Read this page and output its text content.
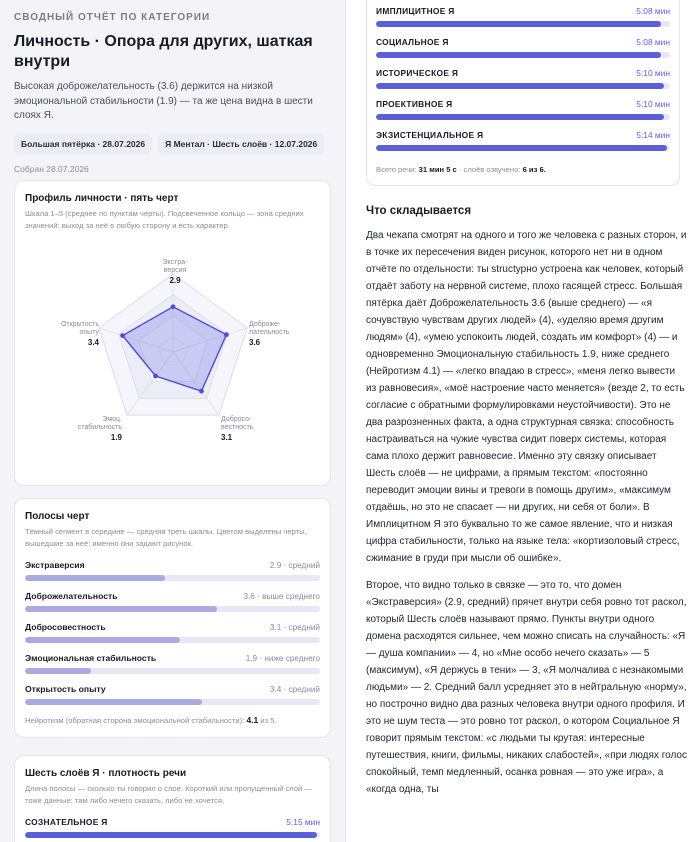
СВОДНЫЙ ОТЧЁТ ПО КАТЕГОРИИ
Личность · Опора для других, шаткая внутри
Высокая доброжелательность (3.6) держится на низкой эмоциональной стабильности (1.9) — та же цена видна в шести слоях Я.
Большая пятёрка · 28.07.2026	Я Ментал · Шесть слоёв · 12.07.2026
Собран 28.07.2026
Профиль личности · пять черт
Шкала 1–5 (среднее по пунктам черты). Подсвеченное кольцо — зона средних значений: выход за неё в любую сторону и есть характер.
Экстра-
версия
2.9
Доброже-
лательность
3.6
Добросо-
вестность
3.1
Эмоц.
стабильность
1.9
Открытость
опыту
3.4
Полосы черт
Тёмный сегмент в середине — средняя треть шкалы. Цветом выделены черты, вышедшие за неё: именно они задают рисунок.
Экстраверсия	2.9 · средний
Доброжелательность	3.6 · выше среднего
Добросовестность	3.1 · средний
Эмоциональная стабильность	1.9 · ниже среднего
Открытость опыту	3.4 · средний
Нейротизм (обратная сторона эмоциональной стабильности): 4.1 из 5.
Шесть слоёв Я · плотность речи
Длина полосы — сколько ты говорил о слое. Короткий или пропущенный слой — тоже данные: там либо нечего сказать, либо не хочется.
СОЗНАТЕЛЬНОЕ Я	5:15 мин
ИМПЛИЦИТНОЕ Я	5:08 мин
СОЦИАЛЬНОЕ Я	5:08 мин
ИСТОРИЧЕСКОЕ Я	5:10 мин
ПРОЕКТИВНОЕ Я	5:10 мин
ЭКЗИСТЕНЦИАЛЬНОЕ Я	5:14 мин
Всего речи: 31 мин 5 с · слоёв озвучено: 6 из 6.
Что складывается

Два чекапа смотрят на одного и того же человека с разных сторон, и в точке их пересечения виден рисунок, которого нет ни в одном отчёте по отдельности: ты structурно устроена как человек, который отдаёт заботу на нервной системе, плохо гасящей стресс. Большая пятёрка даёт Доброжелательность 3.6 (выше среднего) — «я сочувствую чувствам других людей» (4), «уделяю время другим людям» (4), «умею успокоить людей, создать им комфорт» (4) — и одновременно Эмоциональную стабильность 1.9, ниже среднего (Нейротизм 4.1) — «легко впадаю в стресс», «меня легко вывести из равновесия», «моё настроение часто меняется» (везде 2, то есть согласие с обратными формулировками неустойчивости). Это не два разрозненных факта, а одна структурная связка: способность настраиваться на чужие чувства сидит поверх системы, которая сама плохо держит равновесие. Именно эту связку описывает Шесть слоёв — не цифрами, а прямым текстом: «постоянно переводит эмоции вины и тревоги в помощь другим», «максимум отдаёшь, но это не спасает — ни других, ни себя от боли». В Имплицитном Я это буквально то же самое явление, что и низкая цифра стабильности, только на языке тела: «кортизоловый стресс, сжимание в груди при мысли об ошибке».

Второе, что видно только в связке — это то, что домен «Экстраверсия» (2.9, средний) прячет внутри себя ровно тот раскол, который Шесть слоёв называют прямо. Пункты внутри одного домена расходятся сильнее, чем можно списать на случайность: «Я — душа компании» — 4, но «Мне особо нечего сказать» — 5 (максимум), «Я держусь в тени» — 3, «Я молчалива с незнакомыми людьми» — 2. Средний балл усредняет это в нейтральную «норму», но построчно видно два разных человека внутри одного профиля. И это не шум теста — это ровно тот раскол, о котором Социальное Я говорит прямым текстом: «с людьми ты крутая: интересные путешествия, книги, фильмы, никаких слабостей», «при людях голос спокойный, темп медленный, осанка ровная — это уже игра», а «когда одна, ты
